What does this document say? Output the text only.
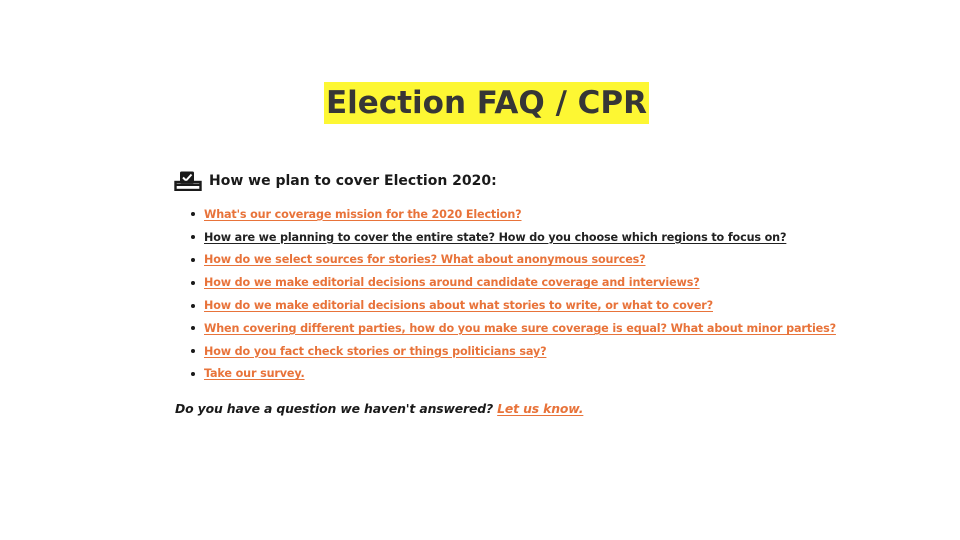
Election FAQ / CPR
How we plan to cover Election 2020:
What's our coverage mission for the 2020 Election?
How are we planning to cover the entire state? How do you choose which regions to focus on?
How do we select sources for stories? What about anonymous sources?
How do we make editorial decisions around candidate coverage and interviews?
How do we make editorial decisions about what stories to write, or what to cover?
When covering different parties, how do you make sure coverage is equal? What about minor parties?
How do you fact check stories or things politicians say?
Take our survey.
Do you have a question we haven't answered? Let us know.
